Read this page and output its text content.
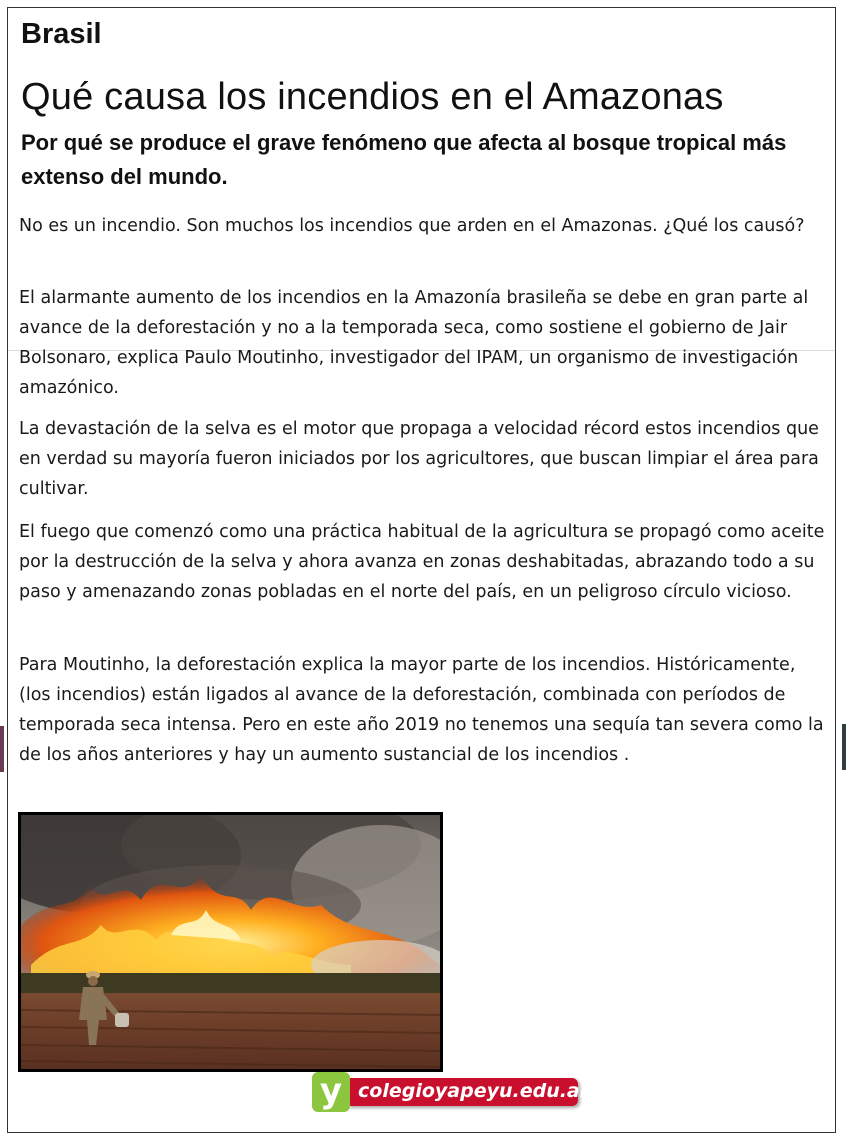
Brasil
Qué causa los incendios en el Amazonas
Por qué se produce el grave fenómeno que afecta al bosque tropical más extenso del mundo.
No es un incendio. Son muchos los incendios que arden en el Amazonas. ¿Qué los causó?
El alarmante aumento de los incendios en la Amazonía brasileña se debe en gran parte al avance de la deforestación y no a la temporada seca, como sostiene el gobierno de Jair Bolsonaro, explica Paulo Moutinho, investigador del IPAM, un organismo de investigación amazónico.
La devastación de la selva es el motor que propaga a velocidad récord estos incendios que en verdad su mayoría fueron iniciados por los agricultores, que buscan limpiar el área para cultivar.
El fuego que comenzó como una práctica habitual de la agricultura se propagó como aceite por la destrucción de la selva y ahora avanza en zonas deshabitadas, abrazando todo a su paso y amenazando zonas pobladas en el norte del país, en un peligroso círculo vicioso.
Para Moutinho, la deforestación explica la mayor parte de los incendios. Históricamente, (los incendios) están ligados al avance de la deforestación, combinada con períodos de temporada seca intensa. Pero en este año 2019 no tenemos una sequía tan severa como la de los años anteriores y hay un aumento sustancial de los incendios .
colegioyapeyu.edu.ar
y
